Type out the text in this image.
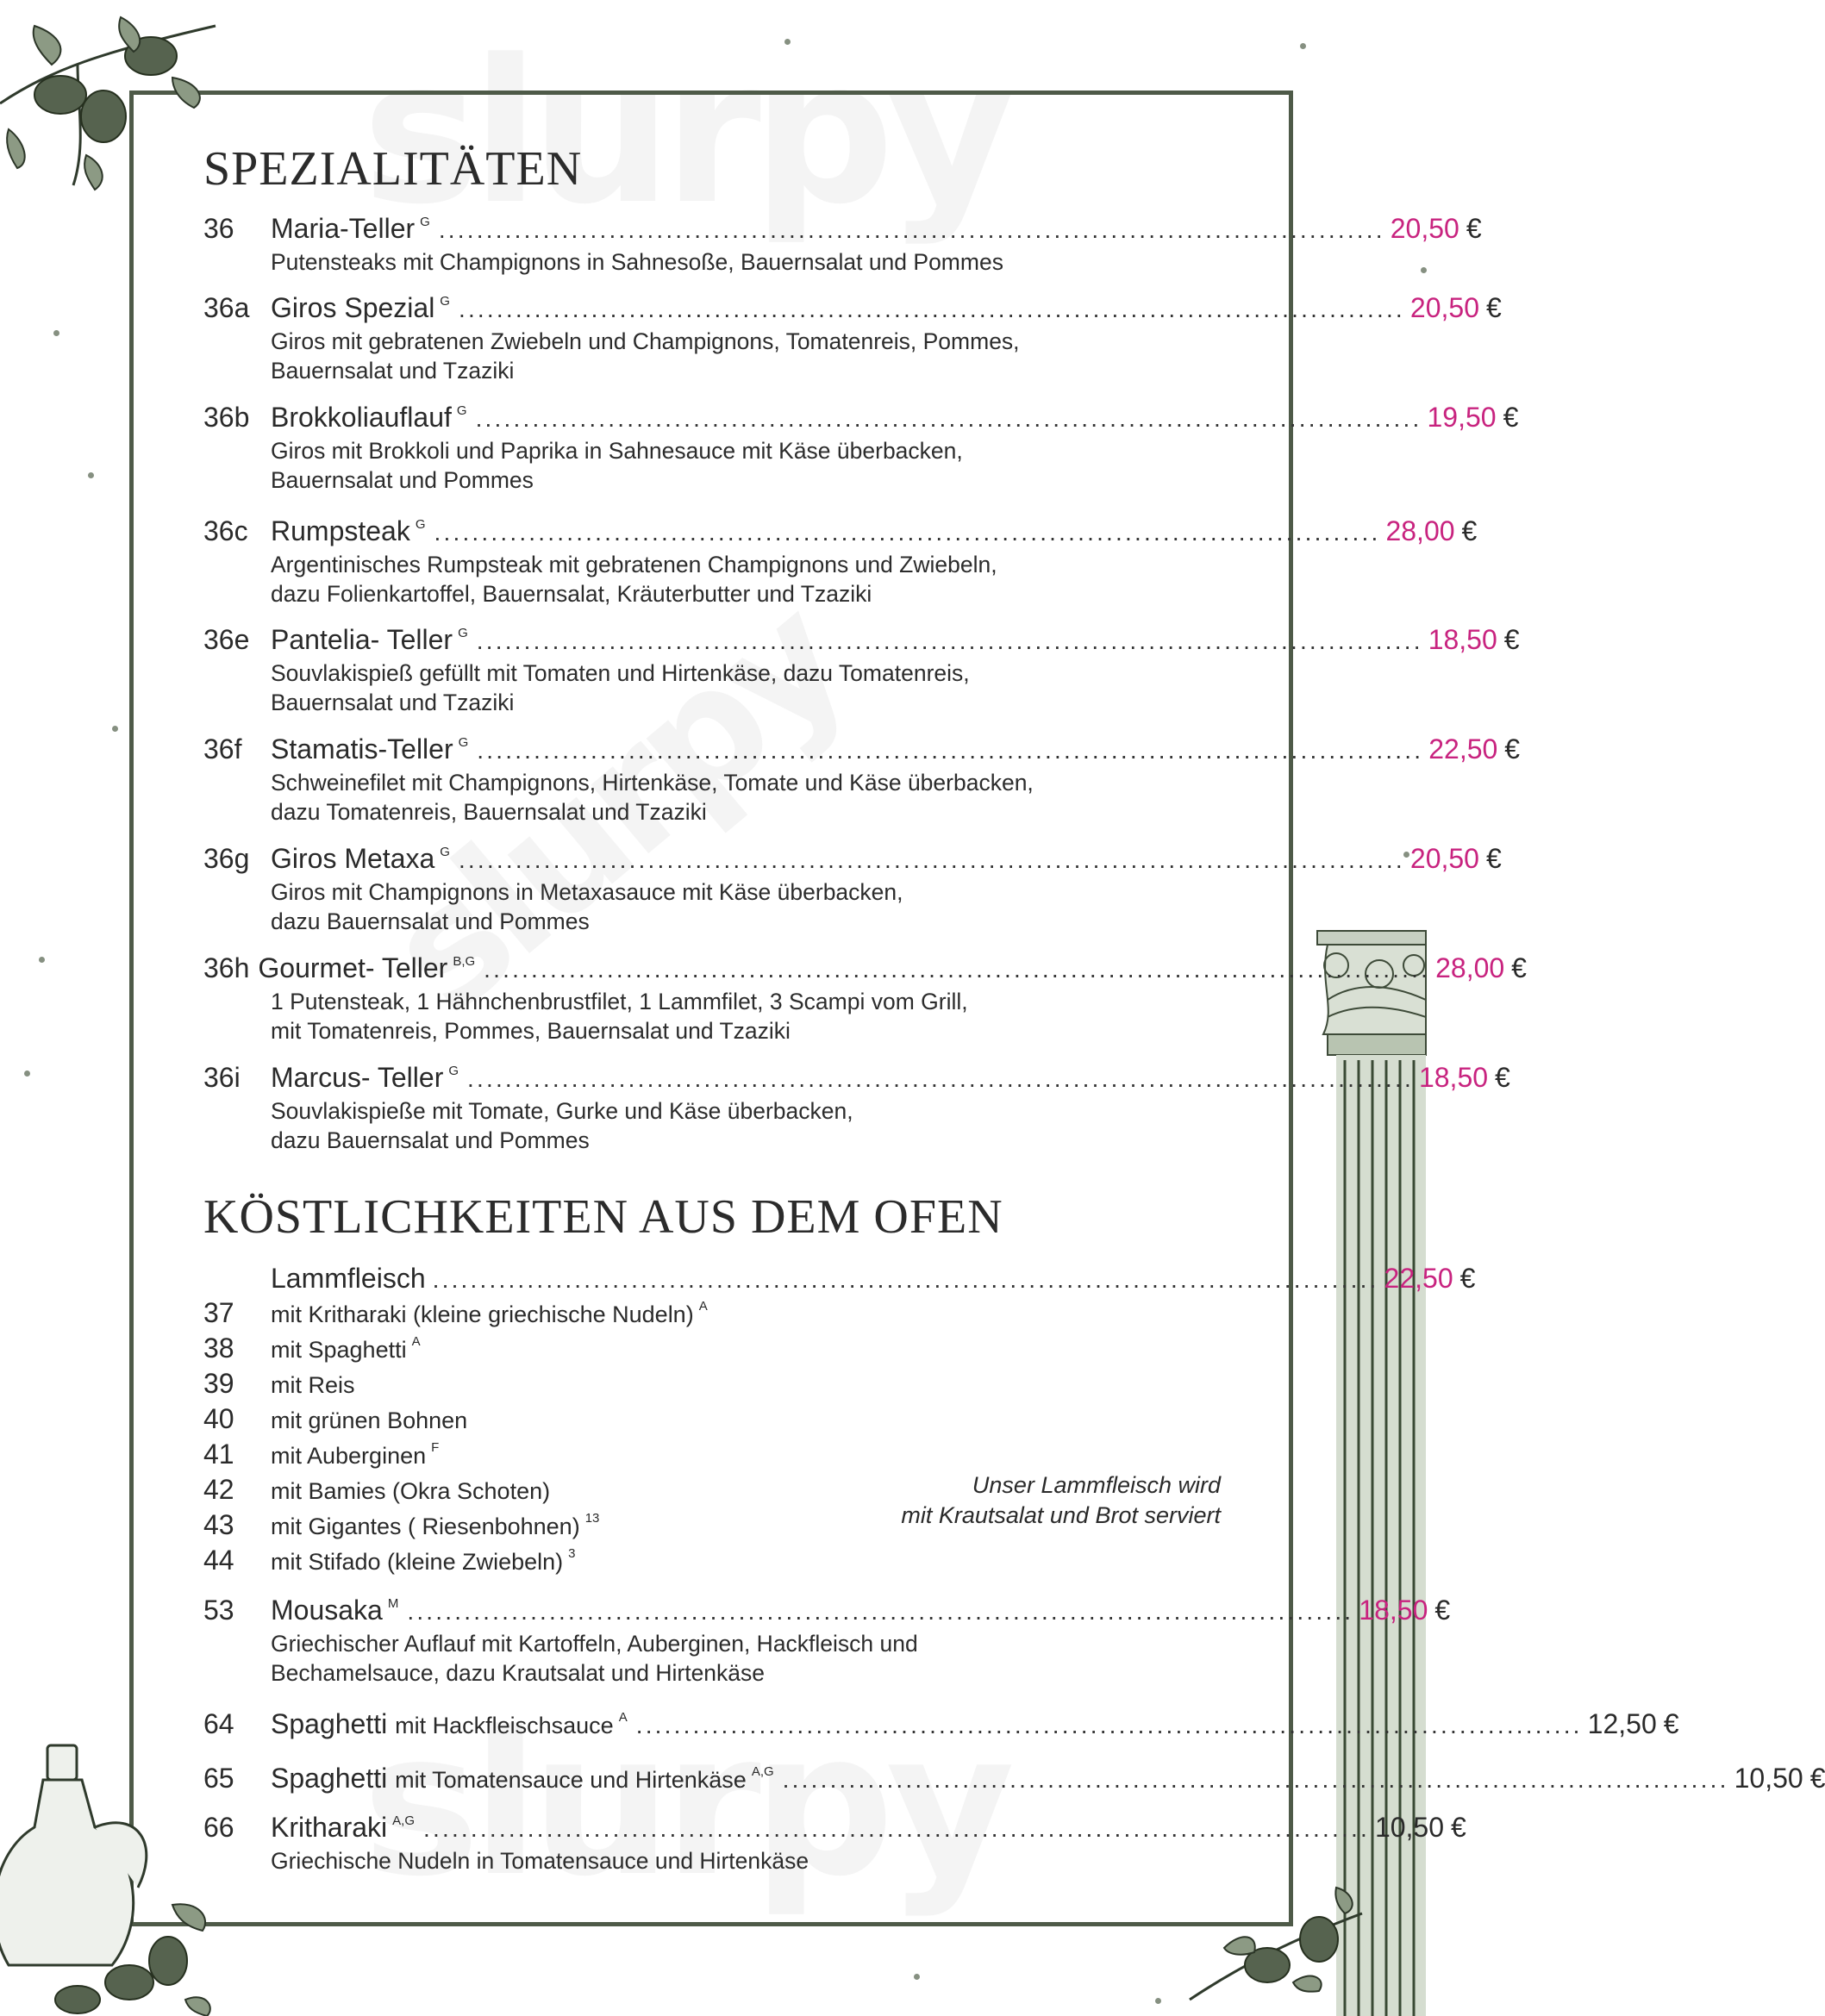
SPEZIALITÄTEN
36	Maria-Teller $^G$ .................................................................................................... 20,50 €
Putensteaks mit Champignons in Sahnesoße, Bauernsalat und Pommes
36a Giros Spezial $^G$ .................................................................................................... 20,50 €
Giros mit gebratenen Zwiebeln und Champignons, Tomatenreis, Pommes,
Bauernsalat und Tzaziki
36b Brokkoliauflauf $^G$ .................................................................................................... 19,50 €
Giros mit Brokkoli und Paprika in Sahnesauce mit Käse überbacken,
Bauernsalat und Pommes
36c Rumpsteak $^G$ .................................................................................................... 28,00 €
Argentinisches Rumpsteak mit gebratenen Champignons und Zwiebeln,
dazu Folienkartoffel, Bauernsalat, Kräuterbutter und Tzaziki
36e Pantelia- Teller $^G$ .................................................................................................... 18,50 €
Souvlakispieß gefüllt mit Tomaten und Hirtenkäse, dazu Tomatenreis,
Bauernsalat und Tzaziki
36f	Stamatis-Teller $^G$ .................................................................................................... 22,50 €
Schweinefilet mit Champignons, Hirtenkäse, Tomate und Käse überbacken,
dazu Tomatenreis, Bauernsalat und Tzaziki
36g Giros Metaxa $^G$ .................................................................................................... 20,50 €
Giros mit Champignons in Metaxasauce mit Käse überbacken,
dazu Bauernsalat und Pommes
36h Gourmet- Teller $^{B,G}$ .................................................................................................... 28,00 €
1 Putensteak, 1 Hähnchenbrustfilet, 1 Lammfilet, 3 Scampi vom Grill,
mit Tomatenreis, Pommes, Bauernsalat und Tzaziki
36i	Marcus- Teller $^G$ .................................................................................................... 18,50 €
Souvlakispieße mit Tomate, Gurke und Käse überbacken,
dazu Bauernsalat und Pommes
KÖSTLICHKEITEN AUS DEM OFEN
Lammfleisch .................................................................................................... 22,50 €
37	mit Kritharaki (kleine griechische Nudeln) $^A$
38	mit Spaghetti $^A$
39	mit Reis
40	mit grünen Bohnen
41	mit Auberginen $^F$
42	mit Bamies (Okra Schoten)
43	mit Gigantes ( Riesenbohnen) $^{13}$
44	mit Stifado (kleine Zwiebeln) $^3$
Unser Lammfleisch wird
mit Krautsalat und Brot serviert
53	Mousaka $^M$ .................................................................................................... 18,50 €
Griechischer Auflauf mit Kartoffeln, Auberginen, Hackfleisch und
Bechamelsauce, dazu Krautsalat und Hirtenkäse
64	Spaghetti mit Hackfleischsauce $^A$ .................................................................................................... 12,50 €
65	Spaghetti mit Tomatensauce und Hirtenkäse $^{A,G}$ .................................................................................................... 10,50 €
66	Kritharaki $^{A,G}$ .................................................................................................... 10,50 €
Griechische Nudeln in Tomatensauce und Hirtenkäse
